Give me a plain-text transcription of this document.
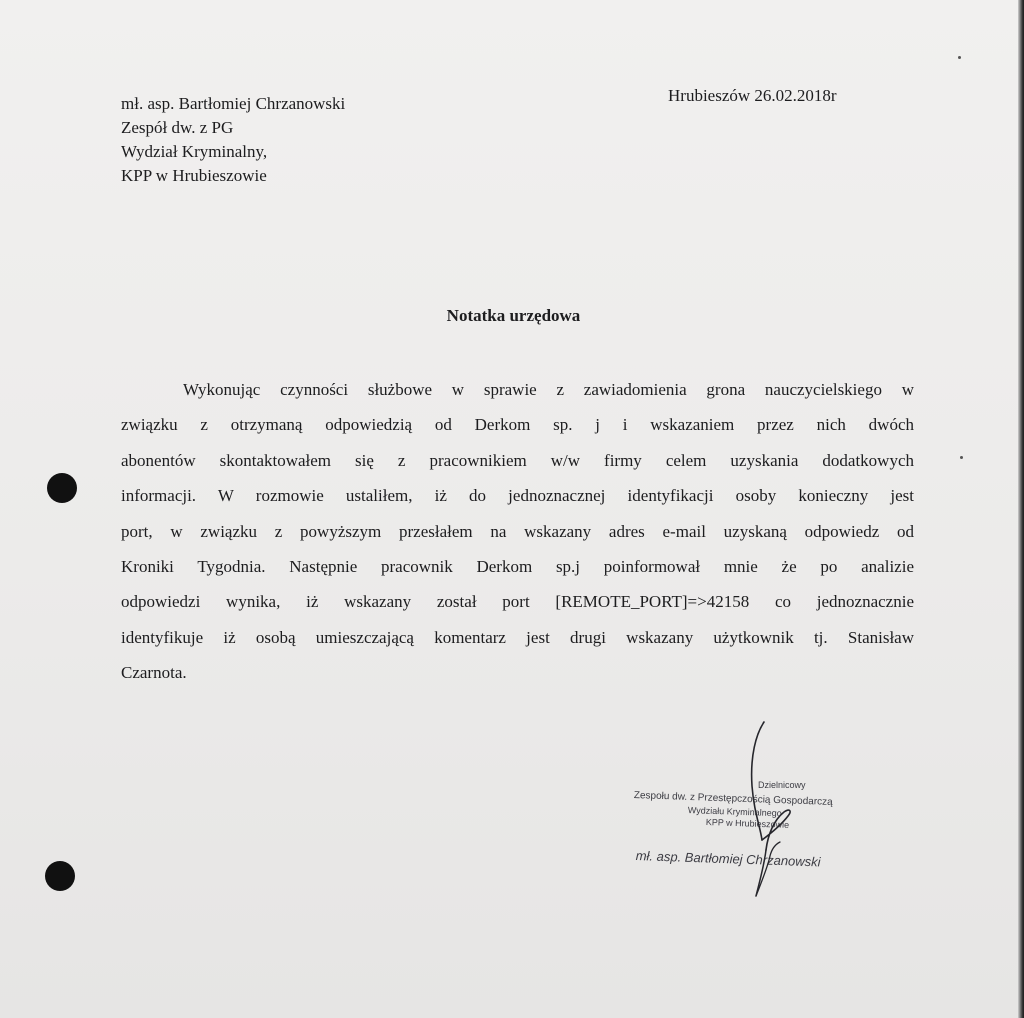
mł. asp. Bartłomiej Chrzanowski
Zespół dw. z PG
Wydział Kryminalny,
KPP w Hrubieszowie
Hrubieszów 26.02.2018r
Notatka urzędowa
Wykonując czynności służbowe w sprawie z zawiadomienia grona nauczycielskiego w
związku z otrzymaną odpowiedzią od Derkom sp. j i wskazaniem przez nich dwóch
abonentów skontaktowałem się z pracownikiem w/w firmy celem uzyskania dodatkowych
informacji. W rozmowie ustaliłem, iż do jednoznacznej identyfikacji osoby konieczny jest
port, w związku z powyższym przesłałem na wskazany adres e-mail uzyskaną odpowiedz od
Kroniki Tygodnia. Następnie pracownik Derkom sp.j poinformował mnie że po analizie
odpowiedzi wynika, iż wskazany został port [REMOTE_PORT]=>42158 co jednoznacznie
identyfikuje iż osobą umieszczającą komentarz jest drugi wskazany użytkownik tj. Stanisław
Czarnota.
Dzielnicowy
Zespołu dw. z Przestępczością Gospodarczą
Wydziału Kryminalnego
KPP w Hrubieszowie
mł. asp. Bartłomiej Chrzanowski
